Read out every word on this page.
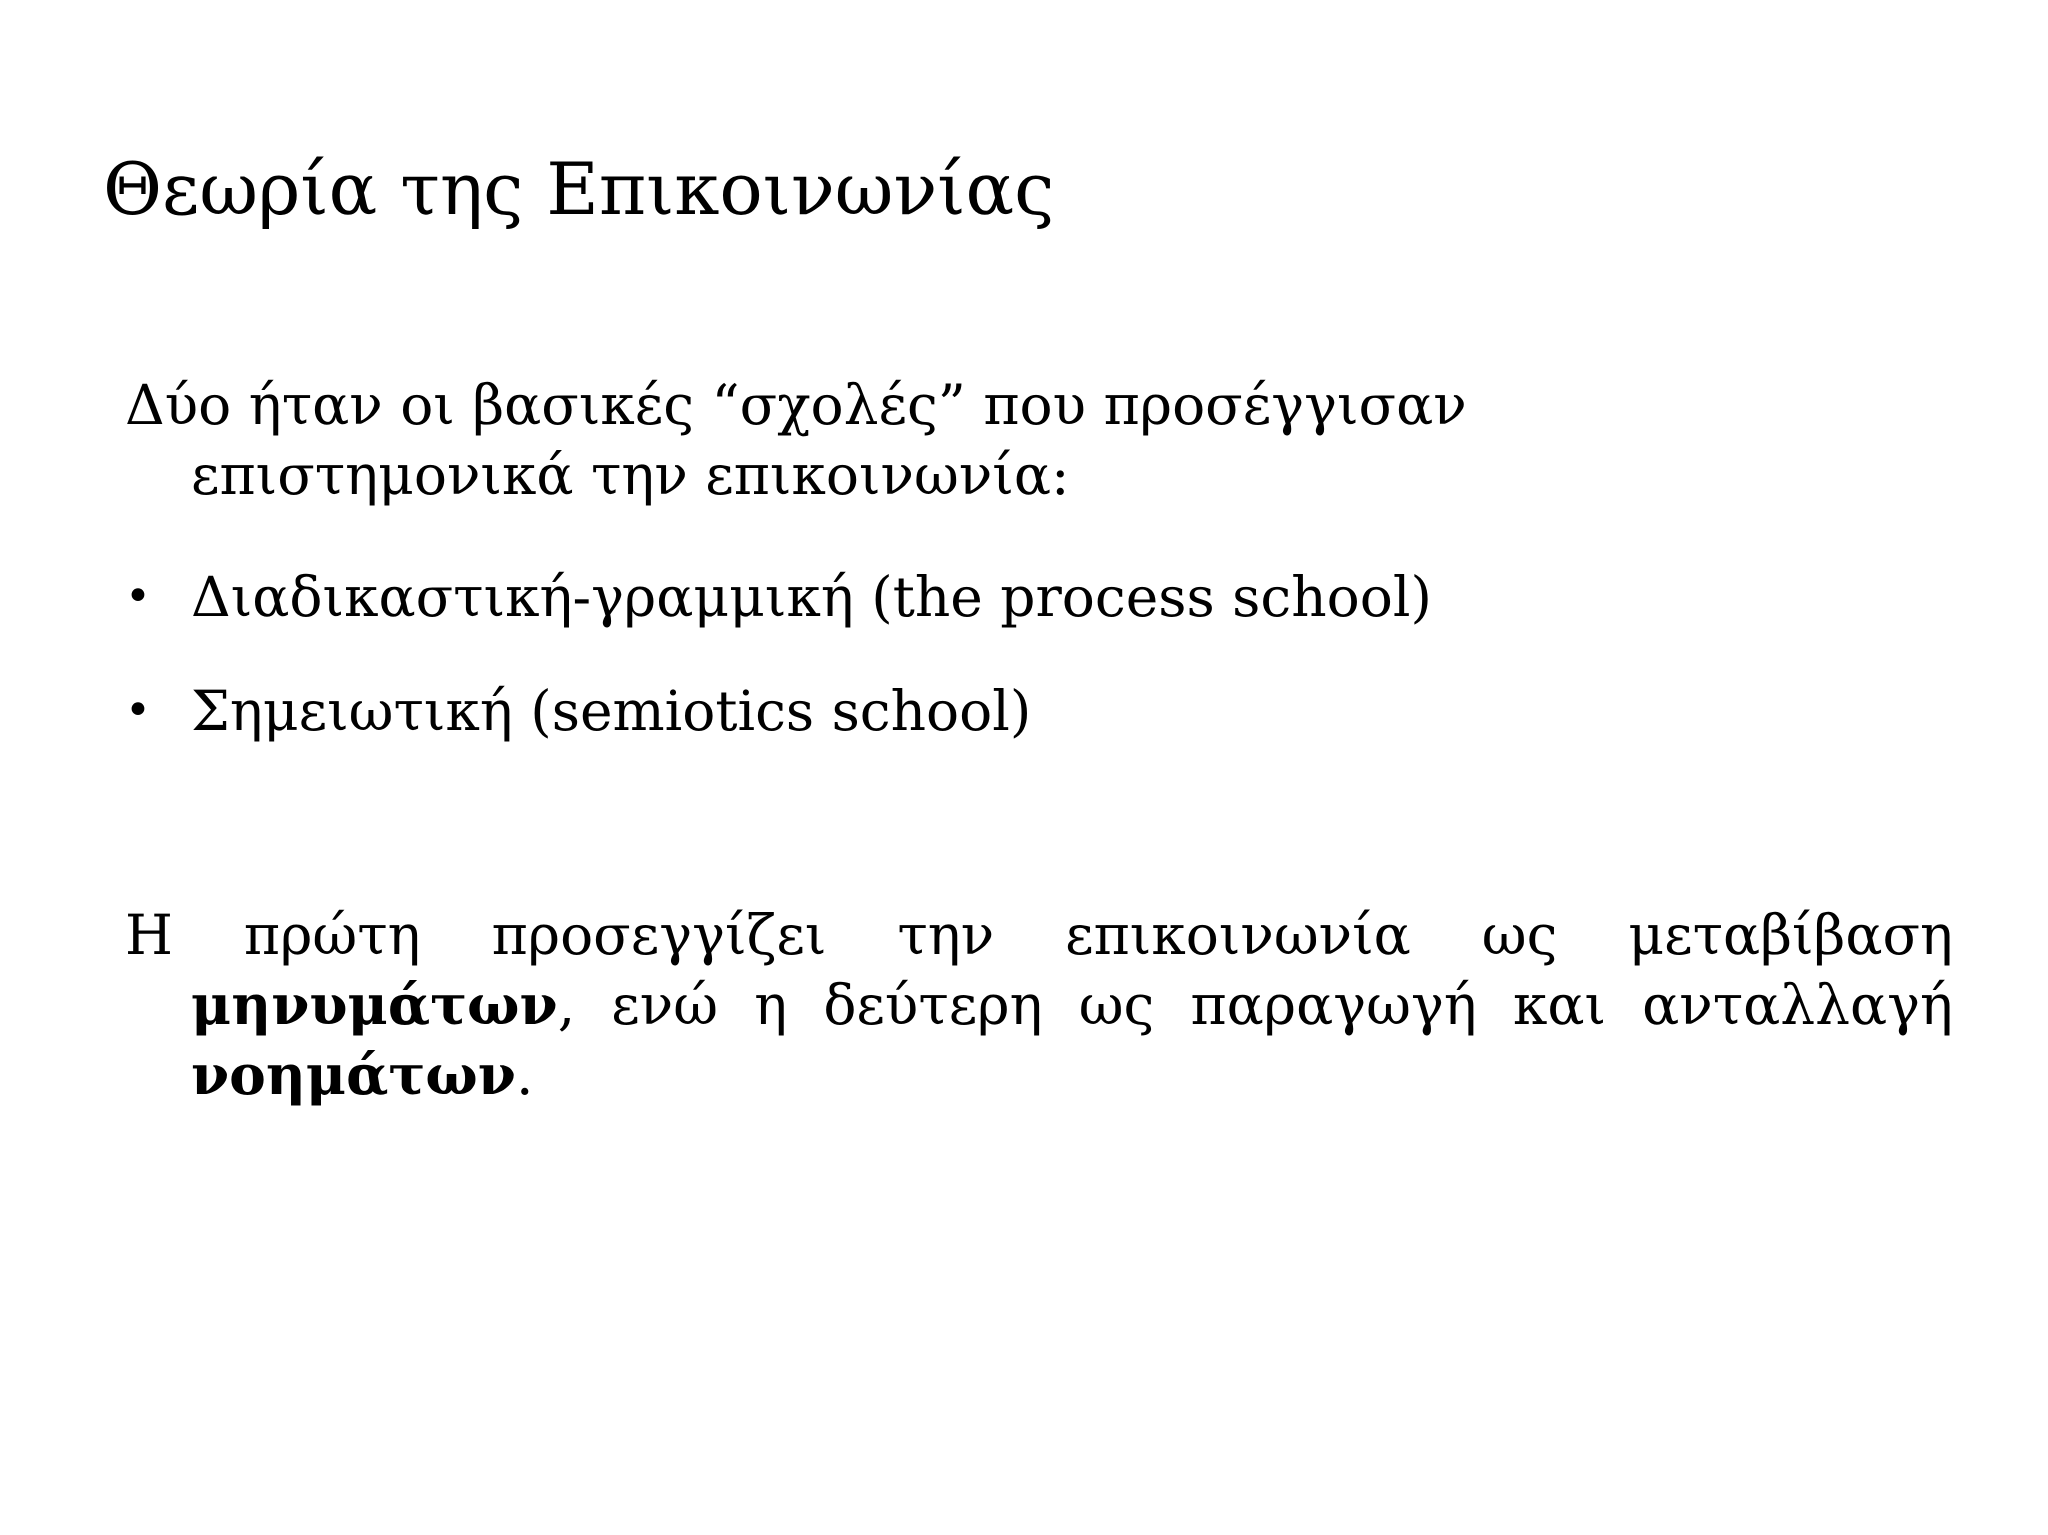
Θεωρία της Επικοινωνίας

Δύο ήταν οι βασικές “σχολές” που προσέγγισαν επιστημονικά την επικοινωνία:

• Διαδικαστική-γραμμική (the process school)
• Σημειωτική (semiotics school)

Η πρώτη προσεγγίζει την επικοινωνία ως μεταβίβαση μηνυμάτων, ενώ η δεύτερη ως παραγωγή και ανταλλαγή νοημάτων.
